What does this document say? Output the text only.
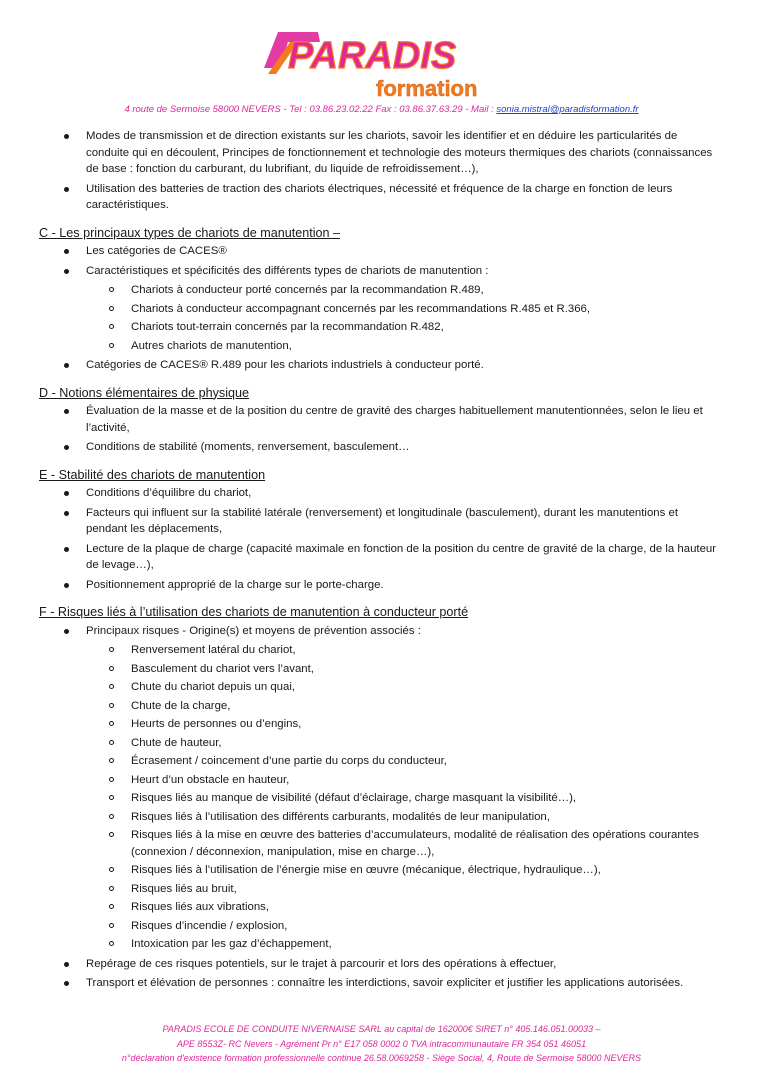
PARADIS
formation
4 route de Sermoise 58000 NEVERS - Tel : 03.86.23.02.22 Fax : 03.86.37.63.29 - Mail : sonia.mistral@paradisformation.fr
Modes de transmission et de direction existants sur les chariots, savoir les identifier et en déduire les particularités de conduite qui en découlent, Principes de fonctionnement et technologie des moteurs thermiques des chariots (connaissances de base : fonction du carburant, du lubrifiant, du liquide de refroidissement…),
Utilisation des batteries de traction des chariots électriques, nécessité et fréquence de la charge en fonction de leurs caractéristiques.
C - Les principaux types de chariots de manutention –
Les catégories de CACES®
Caractéristiques et spécificités des différents types de chariots de manutention :
Chariots à conducteur porté concernés par la recommandation R.489,
Chariots à conducteur accompagnant concernés par les recommandations R.485 et R.366,
Chariots tout-terrain concernés par la recommandation R.482,
Autres chariots de manutention,
Catégories de CACES® R.489 pour les chariots industriels à conducteur porté.
D - Notions élémentaires de physique
Évaluation de la masse et de la position du centre de gravité des charges habituellement manutentionnées, selon le lieu et l’activité,
Conditions de stabilité (moments, renversement, basculement…
E - Stabilité des chariots de manutention
Conditions d’équilibre du chariot,
Facteurs qui influent sur la stabilité latérale (renversement) et longitudinale (basculement), durant les manutentions et pendant les déplacements,
Lecture de la plaque de charge (capacité maximale en fonction de la position du centre de gravité de la charge, de la hauteur de levage…),
Positionnement approprié de la charge sur le porte-charge.
F - Risques liés à l’utilisation des chariots de manutention à conducteur porté
Principaux risques - Origine(s) et moyens de prévention associés :
Renversement latéral du chariot,
Basculement du chariot vers l’avant,
Chute du chariot depuis un quai,
Chute de la charge,
Heurts de personnes ou d’engins,
Chute de hauteur,
Écrasement / coincement d’une partie du corps du conducteur,
Heurt d’un obstacle en hauteur,
Risques liés au manque de visibilité (défaut d’éclairage, charge masquant la visibilité…),
Risques liés à l’utilisation des différents carburants, modalités de leur manipulation,
Risques liés à la mise en œuvre des batteries d’accumulateurs, modalité de réalisation des opérations courantes (connexion / déconnexion, manipulation, mise en charge…),
Risques liés à l’utilisation de l’énergie mise en œuvre (mécanique, électrique, hydraulique…),
Risques liés au bruit,
Risques liés aux vibrations,
Risques d’incendie / explosion,
Intoxication par les gaz d’échappement,
Repérage de ces risques potentiels, sur le trajet à parcourir et lors des opérations à effectuer,
Transport et élévation de personnes : connaître les interdictions, savoir expliciter et justifier les applications autorisées.
PARADIS ECOLE DE CONDUITE NIVERNAISE SARL au capital de 162000€ SIRET n° 405.146.051.00033 –
APE 8553Z- RC Nevers - Agrément Pr n° E17 058 0002 0 TVA intracommunautaire FR 354 051 46051
n°déclaration d'existence formation professionnelle continue 26.58.0069258 - Siège Social, 4, Route de Sermoise 58000 NEVERS
